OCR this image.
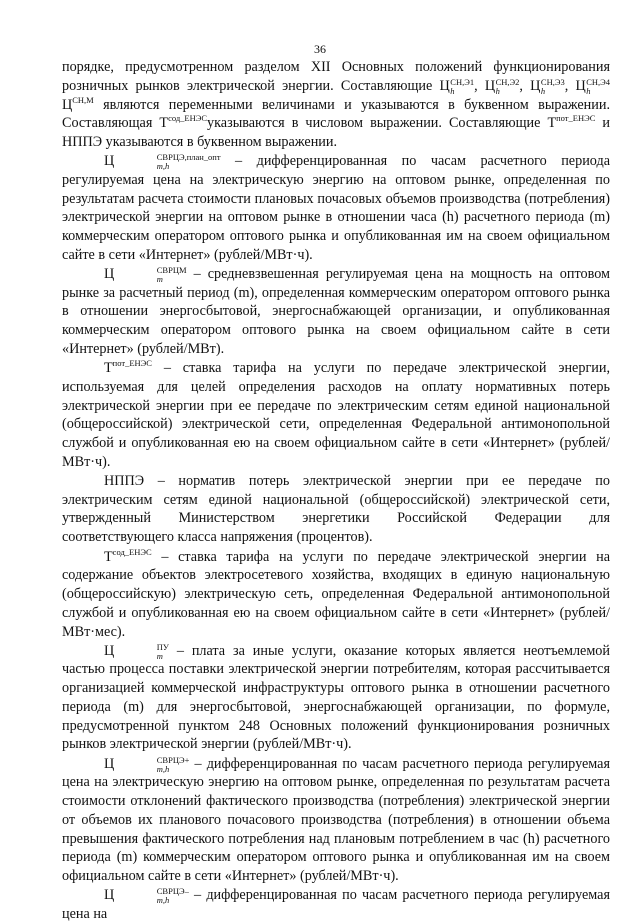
36

порядке, предусмотренном разделом XII Основных положений функционирования розничных рынков электрической энергии. Составляющие Ц СН,Э1
h	, Ц СН,Э2
h	, Ц СН,Э3
h	, Ц СН,Э4
h
$Ц^{СН,М}$ являются переменными величинами и указываются в буквенном выражении. Составляющая $Т^{сод\_ЕНЭС}указываются$ в числовом выражении. Составляющие $Т^{пот\_ЕНЭС}$ и НППЭ указываются в буквенном выражении.

Ц	СВРЦЭ,план_опт
m,h	– дифференцированная по часам расчетного периода регулируемая цена на электрическую энергию на оптовом рынке, определенная по результатам расчета стоимости плановых почасовых объемов производства (потребления) электрической энергии на оптовом рынке в отношении часа (h) расчетного периода (m) коммерческим оператором оптового рынка и опубликованная им на своем официальном сайте в сети «Интернет» (рублей/МВт·ч).

Ц	СВРЦМ
m	– средневзвешенная регулируемая цена на мощность на оптовом рынке за расчетный период (m), определенная коммерческим оператором оптового рынка в отношении энергосбытовой, энергоснабжающей организации, и опубликованная коммерческим оператором оптового рынка на своем официальном сайте в сети «Интернет» (рублей/МВт).

$Т^{пот\_ЕНЭС}$ – ставка тарифа на услуги по передаче электрической энергии, используемая для целей определения расходов на оплату нормативных потерь электрической энергии при ее передаче по электрическим сетям единой национальной (общероссийской) электрической сети, определенная Федеральной антимонопольной службой и опубликованная ею на своем официальном сайте в сети «Интернет» (рублей/МВт·ч).

НППЭ – норматив потерь электрической энергии при ее передаче по электрическим сетям единой национальной (общероссийской) электрической сети, утвержденный Министерством энергетики Российской Федерации для

соответствующего класса напряжения (процентов).

$Т^{сод\_ЕНЭС}$ – ставка тарифа на услуги по передаче электрической энергии на содержание объектов электросетевого хозяйства, входящих в единую национальную (общероссийскую) электрическую сеть, определенная Федеральной антимонопольной службой и опубликованная ею на своем официальном сайте в сети «Интернет» (рублей/МВт·мес).

Ц	ПУ
m – плата за иные услуги, оказание которых является неотъемлемой частью процесса поставки электрической энергии потребителям, которая рассчитывается организацией коммерческой инфраструктуры оптового рынка в отношении расчетного периода (m) для энергосбытовой, энергоснабжающей организации, по формуле, предусмотренной пунктом 248 Основных положений функционирования розничных рынков электрической энергии (рублей/МВт·ч).

Ц	СВРЦЭ+
m,h	– дифференцированная по часам расчетного периода регулируемая цена на электрическую энергию на оптовом рынке, определенная по результатам расчета стоимости отклонений фактического производства (потребления) электрической энергии от объемов их планового почасового производства (потребления) в отношении объема превышения фактического потребления над плановым потреблением в час (h) расчетного периода (m) коммерческим оператором оптового рынка и опубликованная им на своем официальном сайте в сети «Интернет» (рублей/МВт·ч).

Ц	СВРЦЭ–
m,h	– дифференцированная по часам расчетного периода регулируемая цена на
